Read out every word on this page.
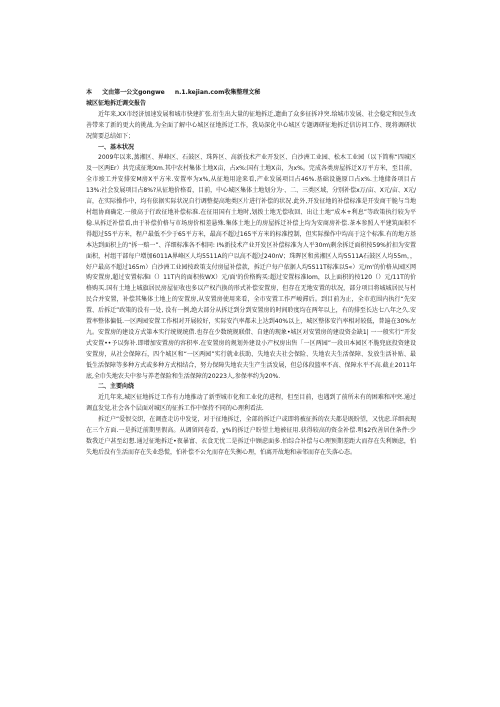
本 文由第一公文gongwe n.1.kejian.com收集整理文秘
城区征地拆迁调交报告

近年来,XX市经济加速发展和城市快建扩张.衍生出大量的征地拆迁,遗曲了众多征拆冲突.给城市发展、社会稳定和民生改善带来了新的更大的挑战.为全面了解中心城区征地拆迁工作，我局深化中心城区专题调研征地拆迁信访问工作、现将调研状况简要总结如下；

一、基本状况

2009年以来,蒸湘区、界峰区、石鼓区、珠阵区、高新技术产业开发区、白沙洲工业园、松木工业园（以下简称“四城区及一区两Er）共完成征地Xm.其中农村集体土地X亩，占x%:国有土地X亩，为x%。完成各类房屋拆迁X万平方米，至目前，全市竣工并安排安M房X平方米.安置率为x%,从征地用途来看,产业发展项目占46%.基础设施原口占x%.土地储备项目占13%:社会发展项目占8%?从征地价格看，目前，中心城区集体土地划分为·、二、三类区域，分别补偿x万/亩、X元/亩、X元/亩，在实际操作中，均有依据实际状况自行调整提高地类区片进行补偿的状况.此外,开发征地的补偿标准是开发商干脆与当地村组协商确定.一般高于行政征地补偿标准.在征用国有土地时,划拨土地无偿收回、出让土地“成本+利息”等政策执行较为平稳.从拆迁补偿看,由于补偿价格与市场房价相差悬殊.集体土地上的房屋拆迁补偿上均为安商房补偿.茶本参照人平建筑面积不得超过55平方米，程户最低不少于65平方米，最高不超过165平方米的标准控制，但实际操作中均高于这个标准.有的地方基本达到面积上的“拆一赔一”、洋细标准各不相同: I%新技术产业开发区补偿标准为人平30m\剩余拆迁面积按59%折扣为安置面积，村组干部每户增加6011A界峰区人均5511A的户以高不超过240nV；珠晖区和烝湘区人均5511A石鼓区人均55m，，好户最高不超过165m）白沙洲工业园按政策支付房屋补偿款，拆迁户每户依据人均5S11T标准以5«）元/m'的价格从园区网购安置房,超过安置标准I（）11T内的面积按WX）元/面'的价格购买:超过安置标准lom，以上面积的按120（）元/11T的价格购买.国有土地上城旗居民房屋征收也多以产权汽换的形式补偿安置房，但存在无地安置的状况，部分项目将城城居民与村民合并安置，补偿其集体土地上的安置房,从安置房使用来看，全市安置工作严峻滞后。到目前为止，全市范围内执行“先安置、后拆迁”政策的没有一处, 没有一例,绝大部分从拆迁到分到安置房的时间聆度均在两年以上，有的排至长达七八年之久.安置率整体偏低.一区两园安置工作相对开展较好，实际安汽率都未上达到40%以上，城区整体安汽率相对较低，普遍在30%左九。安置房的建设方式第本实行统规统借.也存在少数统规联借、自建的现象•城区对安置房的建设资金缺1| 一一般实行“开发式安置••予以弥补.即增加安置房的容积率.在安置房的规划外建设小产权房出售「一区两园”一段田本园区不脆兜底投资建设安置房，从社会保障石，四个城区和“一区两园”实行就业扶助、失地农夫社会保险、失地农夫生活保障、发放生活补贴、最低生活保障等多种方式或多种方式相结合，努力保障失地农夫生产生活发展，但总体段篮率不高、保障水平不高.截止2011年底,全巾失地农夫中参与养老保险和生活保障的20223人,参保率约为20%.

二、主要向绕

近几年来,城区征地拆迁工作有力地推动了新型城市化和工业化的进程，但至目前，也遇到了前所未有的困难和冲突.通过调直发觉,社会各个层面对城区的征拆工作中保持不同的心理利看法.

拆迁户“爱恨交织，在调查走访中发觉，对于征地拆迁，全部的拆迁户或即将被征拆的农夫都是既盼望，又忧虑.详细表现在三个方面.一是拆迁前期里假高。从调留问卷看，χ%的拆迁户盼望土地被征用.获得较高的资金补偿.明$2孜善居住条件:少数我迁户甚至幻想.通过征地拆迁•夜暴富、衣食无忧二是拆迁中顾虑面多.怕综合补偿与心理预期差距大而存在失利顾虑，怕失地后没有生活而存在失业恐慌，怕补偿不公允而存在失衡心理，怕离开故地和亲邻而存在失落心态。
